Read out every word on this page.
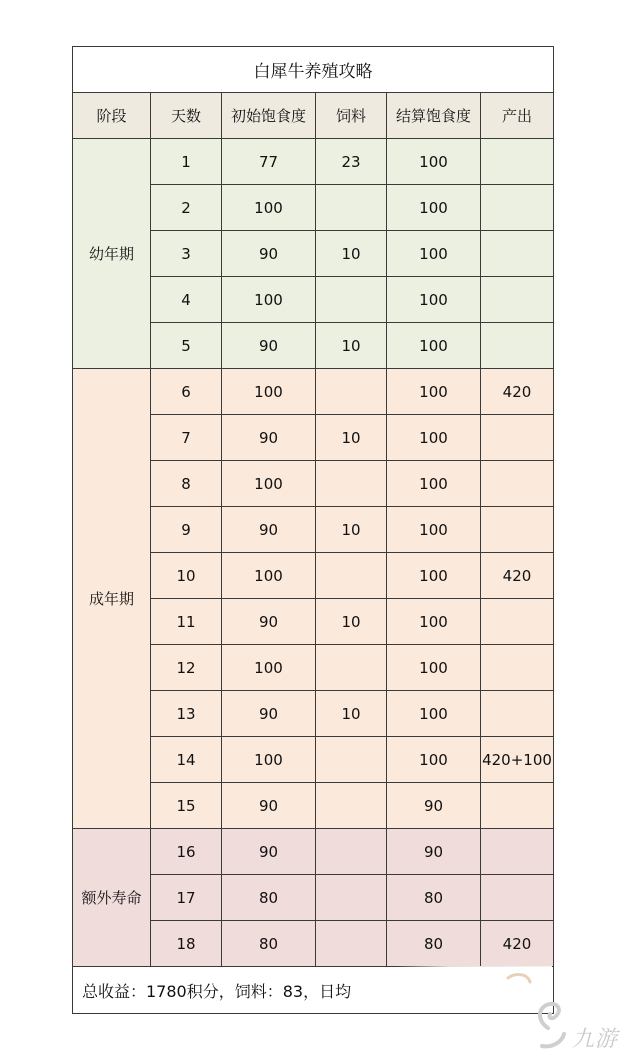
白犀牛养殖攻略					
阶段	天数	初始饱食度	饲料	结算饱食度	产出
幼年期	1	77	23	100	
	2	100		100	
	3	90	10	100	
	4	100		100	
	5	90	10	100	
成年期	6	100		100	420
	7	90	10	100	
	8	100		100	
	9	90	10	100	
	10	100		100	420
	11	90	10	100	
	12	100		100	
	13	90	10	100	
	14	100		100	420+100
	15	90		90	
额外寿命	16	90		90	
	17	80		80	
	18	80		80	420
总收益：1780积分，饲料：83，日均					
九游
